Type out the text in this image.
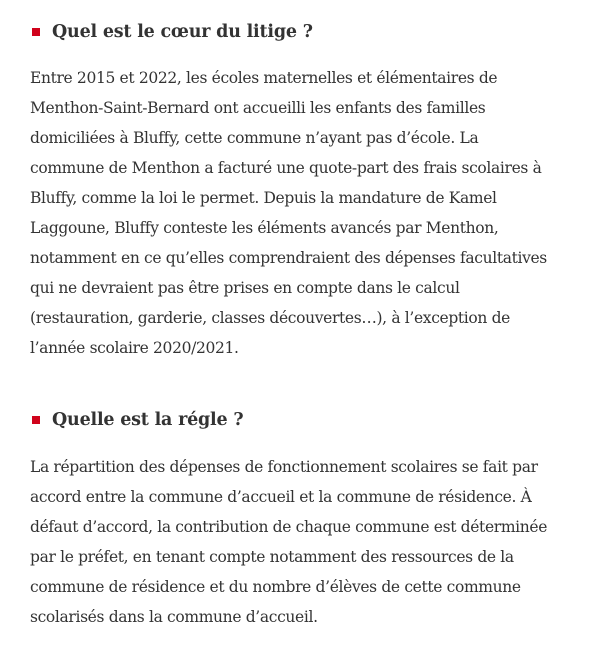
Quel est le cœur du litige ?

Entre 2015 et 2022, les écoles maternelles et élémentaires de
Menthon-Saint-Bernard ont accueilli les enfants des familles
domiciliées à Bluffy, cette commune n’ayant pas d’école. La
commune de Menthon a facturé une quote-part des frais scolaires à
Bluffy, comme la loi le permet. Depuis la mandature de Kamel
Laggoune, Bluffy conteste les éléments avancés par Menthon,
notamment en ce qu’elles comprendraient des dépenses facultatives
qui ne devraient pas être prises en compte dans le calcul
(restauration, garderie, classes découvertes…), à l’exception de
l’année scolaire 2020/2021.

Quelle est la régle ?

La répartition des dépenses de fonctionnement scolaires se fait par
accord entre la commune d’accueil et la commune de résidence. À
défaut d’accord, la contribution de chaque commune est déterminée
par le préfet, en tenant compte notamment des ressources de la
commune de résidence et du nombre d’élèves de cette commune
scolarisés dans la commune d’accueil.
